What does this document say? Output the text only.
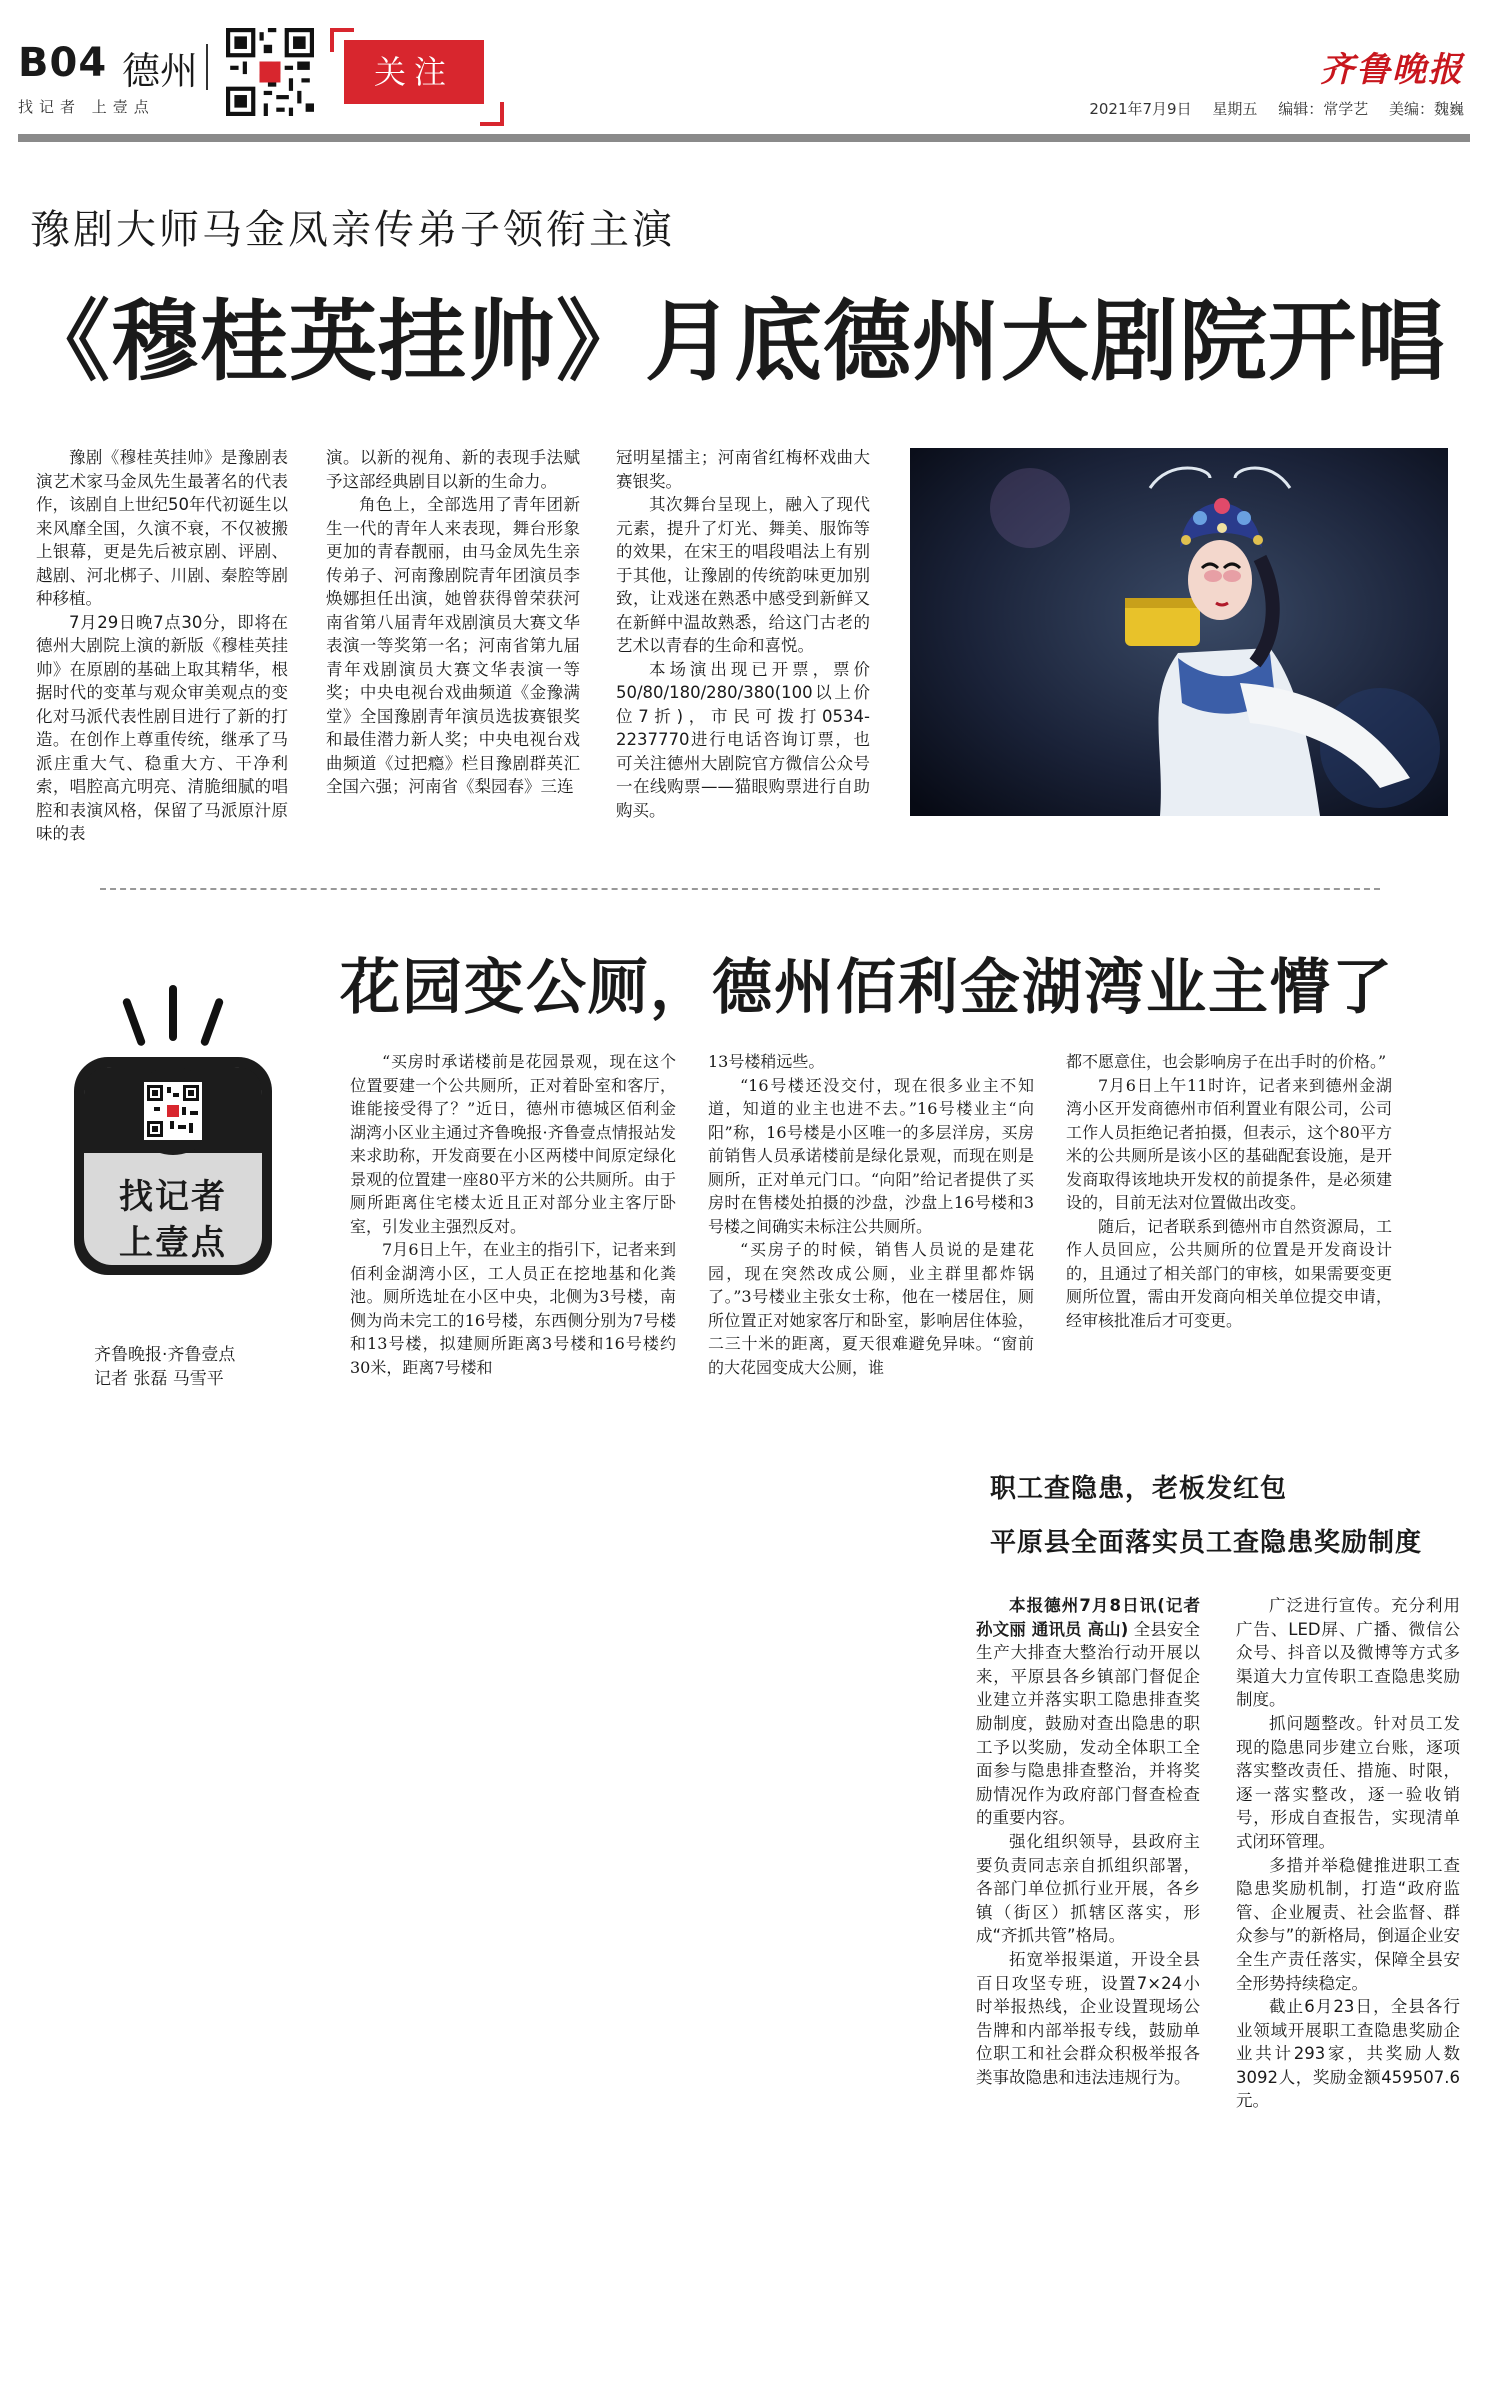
B04 德州
找记者 上壹点
关注	齐鲁晚报
2021年7月9日 星期五 编辑：常学艺 美编：魏巍
豫剧大师马金凤亲传弟子领衔主演
《穆桂英挂帅》月底德州大剧院开唱

豫剧《穆桂英挂帅》是豫剧表演艺术家马金凤先生最著名的代表作，该剧自上世纪50年代初诞生以来风靡全国，久演不衰，不仅被搬上银幕，更是先后被京剧、评剧、越剧、河北梆子、川剧、秦腔等剧种移植。

7月29日晚7点30分，即将在德州大剧院上演的新版《穆桂英挂帅》在原剧的基础上取其精华，根据时代的变革与观众审美观点的变化对马派代表性剧目进行了新的打造。在创作上尊重传统，继承了马派庄重大气、稳重大方、干净利索，唱腔高亢明亮、清脆细腻的唱腔和表演风格，保留了马派原汁原味的表

演。以新的视角、新的表现手法赋予这部经典剧目以新的生命力。

角色上，全部选用了青年团新生一代的青年人来表现，舞台形象更加的青春靓丽，由马金凤先生亲传弟子、河南豫剧院青年团演员李焕娜担任出演，她曾获得曾荣获河南省第八届青年戏剧演员大赛文华表演一等奖第一名；河南省第九届青年戏剧演员大赛文华表演一等奖；中央电视台戏曲频道《金豫满堂》全国豫剧青年演员选拔赛银奖和最佳潜力新人奖；中央电视台戏曲频道《过把瘾》栏目豫剧群英汇全国六强；河南省《梨园春》三连

冠明星擂主；河南省红梅杯戏曲大赛银奖。

其次舞台呈现上，融入了现代元素，提升了灯光、舞美、服饰等的效果，在宋王的唱段唱法上有别于其他，让豫剧的传统韵味更加别致，让戏迷在熟悉中感受到新鲜又在新鲜中温故熟悉，给这门古老的艺术以青春的生命和喜悦。

本场演出现已开票，票价50/80/180/280/380(100以上价位7折)，市民可拨打0534-2237770进行电话咨询订票，也可关注德州大剧院官方微信公众号一在线购票——猫眼购票进行自助购买。

找记者
上壹点
齐鲁晚报·齐鲁壹点
记者 张磊 马雪平
花园变公厕，德州佰利金湖湾业主懵了

“买房时承诺楼前是花园景观，现在这个位置要建一个公共厕所，正对着卧室和客厅，谁能接受得了？”近日，德州市德城区佰利金湖湾小区业主通过齐鲁晚报·齐鲁壹点情报站发来求助称，开发商要在小区两楼中间原定绿化景观的位置建一座80平方米的公共厕所。由于厕所距离住宅楼太近且正对部分业主客厅卧室，引发业主强烈反对。

7月6日上午，在业主的指引下，记者来到佰利金湖湾小区，工人员正在挖地基和化粪池。厕所选址在小区中央，北侧为3号楼，南侧为尚未完工的16号楼，东西侧分别为7号楼和13号楼，拟建厕所距离3号楼和16号楼约30米，距离7号楼和

13号楼稍远些。

“16号楼还没交付，现在很多业主不知道，知道的业主也进不去。”16号楼业主“向阳”称，16号楼是小区唯一的多层洋房，买房前销售人员承诺楼前是绿化景观，而现在则是厕所，正对单元门口。“向阳”给记者提供了买房时在售楼处拍摄的沙盘，沙盘上16号楼和3号楼之间确实未标注公共厕所。

“买房子的时候，销售人员说的是建花园，现在突然改成公厕，业主群里都炸锅了。”3号楼业主张女士称，他在一楼居住，厕所位置正对她家客厅和卧室，影响居住体验，二三十米的距离，夏天很难避免异味。“窗前的大花园变成大公厕，谁

都不愿意住，也会影响房子在出手时的价格。”

7月6日上午11时许，记者来到德州金湖湾小区开发商德州市佰利置业有限公司，公司工作人员拒绝记者拍摄，但表示，这个80平方米的公共厕所是该小区的基础配套设施，是开发商取得该地块开发权的前提条件，是必须建设的，目前无法对位置做出改变。

随后，记者联系到德州市自然资源局，工作人员回应，公共厕所的位置是开发商设计的，且通过了相关部门的审核，如果需要变更厕所位置，需由开发商向相关单位提交申请，经审核批准后才可变更。

职工查隐患，老板发红包
平原县全面落实员工查隐患奖励制度

本报德州7月8日讯(记者 孙文丽 通讯员 高山) 全县安全生产大排查大整治行动开展以来，平原县各乡镇部门督促企业建立并落实职工隐患排查奖励制度，鼓励对查出隐患的职工予以奖励，发动全体职工全面参与隐患排查整治，并将奖励情况作为政府部门督查检查的重要内容。

强化组织领导，县政府主要负责同志亲自抓组织部署，各部门单位抓行业开展，各乡镇（街区）抓辖区落实，形成“齐抓共管”格局。

拓宽举报渠道，开设全县百日攻坚专班，设置7×24小时举报热线，企业设置现场公告牌和内部举报专线，鼓励单位职工和社会群众积极举报各类事故隐患和违法违规行为。

广泛进行宣传。充分利用广告、LED屏、广播、微信公众号、抖音以及微博等方式多渠道大力宣传职工查隐患奖励制度。

抓问题整改。针对员工发现的隐患同步建立台账，逐项落实整改责任、措施、时限，逐一落实整改，逐一验收销号，形成自查报告，实现清单式闭环管理。

多措并举稳健推进职工查隐患奖励机制，打造“政府监管、企业履责、社会监督、群众参与”的新格局，倒逼企业安全生产责任落实，保障全县安全形势持续稳定。

截止6月23日，全县各行业领域开展职工查隐患奖励企业共计293家，共奖励人数3092人，奖励金额459507.6元。
